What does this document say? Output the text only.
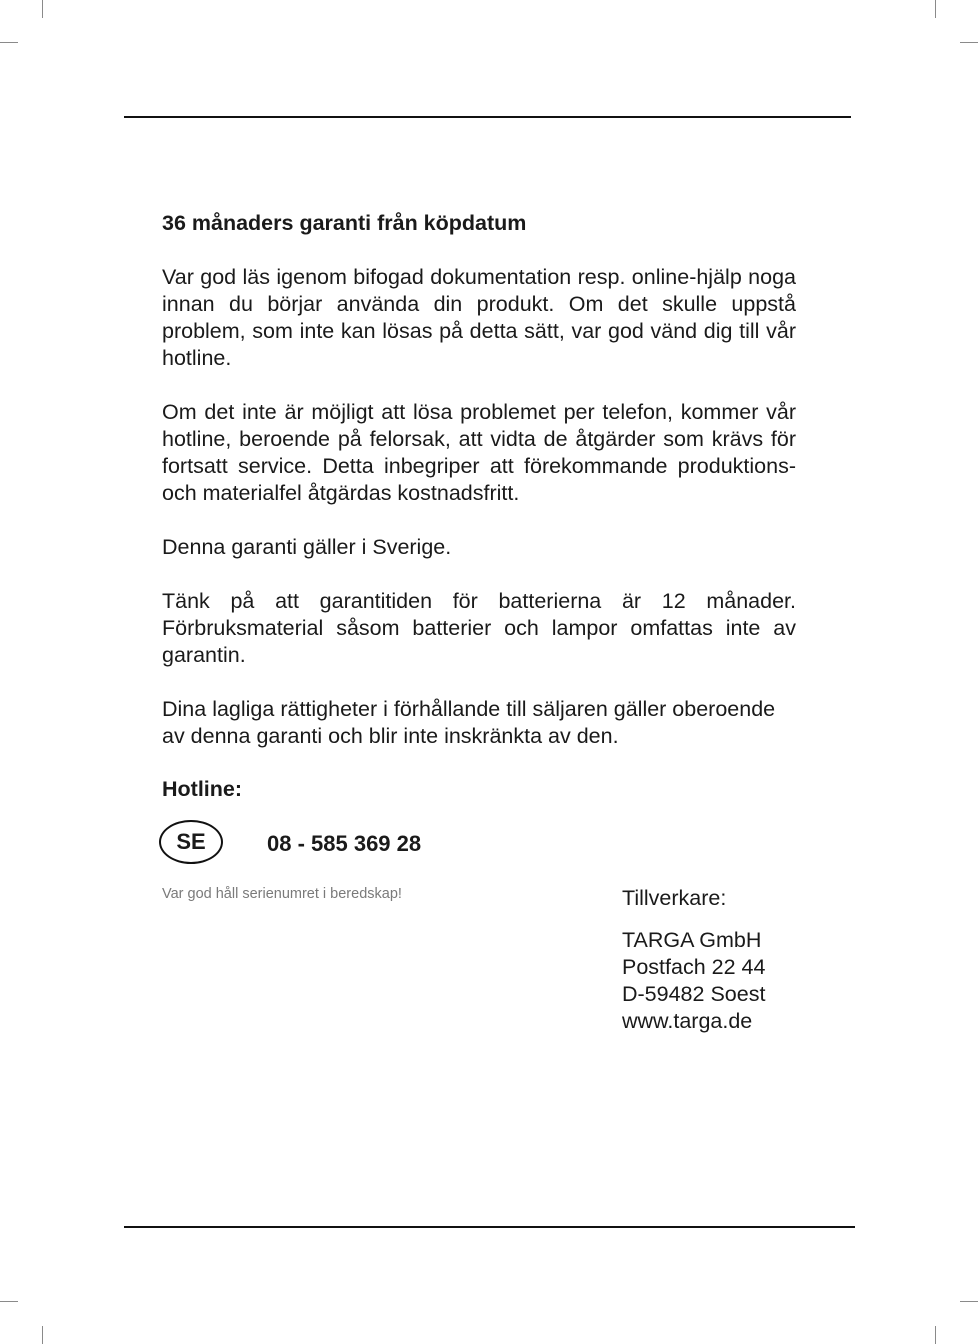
36 månaders garanti från köpdatum

Var god läs igenom bifogad dokumentation resp. online-hjälp noga innan du börjar använda din produkt. Om det skulle uppstå problem, som inte kan lösas på detta sätt, var god vänd dig till vår hotline.

Om det inte är möjligt att lösa problemet per telefon, kommer vår hotline, beroende på felorsak, att vidta de åtgärder som krävs för fortsatt service. Detta inbegriper att förekommande produktions- och materialfel åtgärdas kostnadsfritt.

Denna garanti gäller i Sverige.

Tänk på att garantitiden för batterierna är 12 månader. Förbruksmaterial såsom batterier och lampor omfattas inte av garantin.

Dina lagliga rättigheter i förhållande till säljaren gäller oberoende av denna garanti och blir inte inskränkta av den.

Hotline:
SE	08 - 585 369 28
Var god håll serienumret i beredskap!	Tillverkare:
TARGA GmbH
Postfach 22 44
D-59482 Soest
www.targa.de
